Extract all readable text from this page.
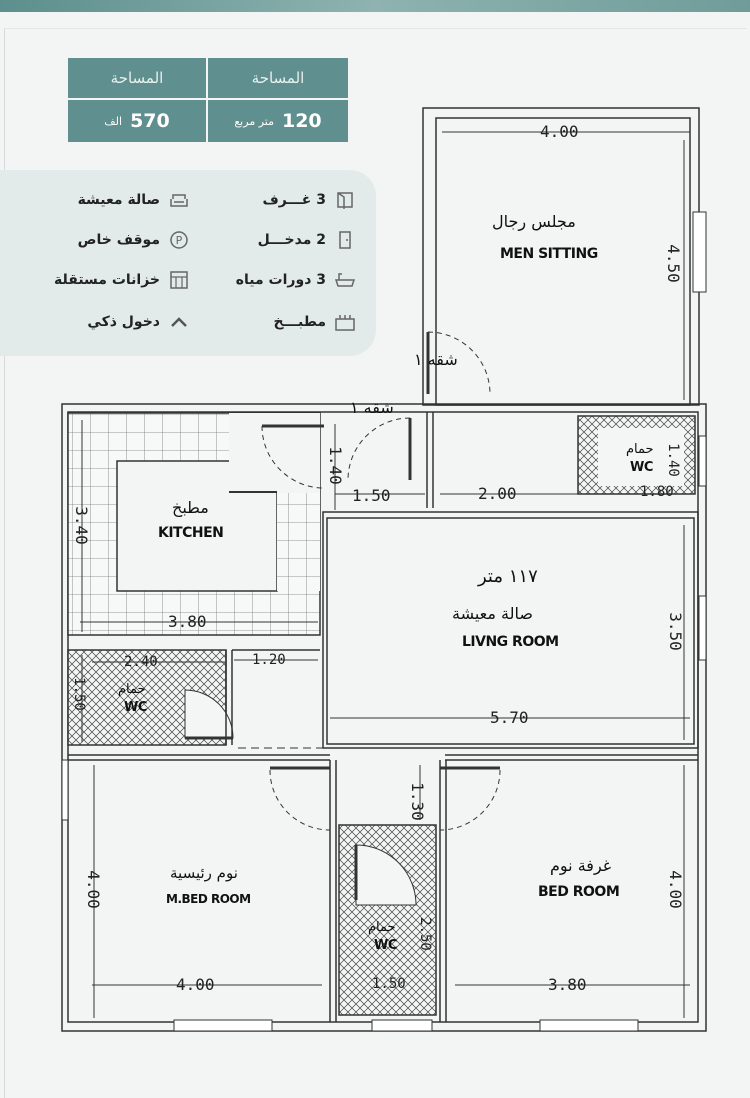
المساحة	المساحة
الف 570	متر مربع 120
3 غـــرف
2 مدخـــل
3 دورات مياه
مطبـــخ
صالة معيشة
P
موقف خاص
خزانات مستقلة
دخول ذكي
مجلس رجال
MEN SITTING
شقه ١
شقه ١
مطبخ
KITCHEN
١١٧ متر
صالة معيشة
LIVNG ROOM
حمام
WC
حمام
WC
حمام
WC
نوم رئيسية
M.BED ROOM
غرفة نوم
BED ROOM
4.00
4.50
3.40
3.80
1.40
1.50	2.00
1.40
1.80
3.50
5.70
1.50
2.40	1.20
1.30
4.00
4.00
2.50
1.50
4.00
3.80
